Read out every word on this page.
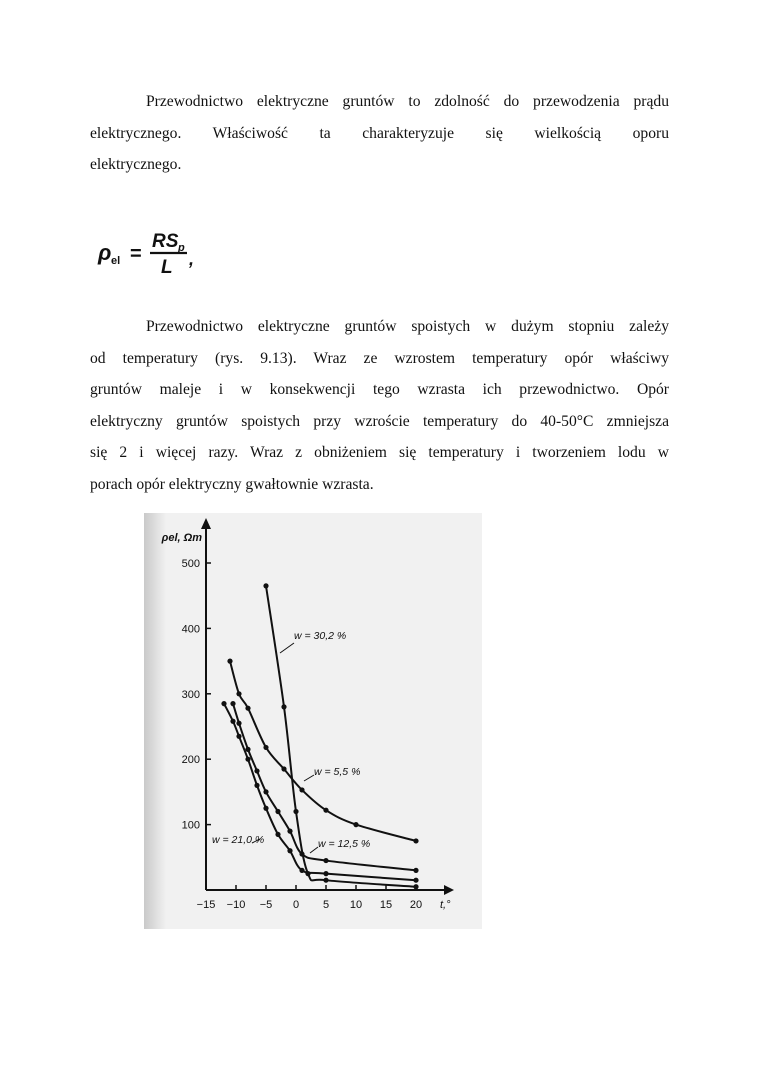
Przewodnictwo elektryczne gruntów to zdolność do przewodzenia prądu
elektrycznego. Właściwość ta charakteryzuje się wielkością oporu
elektrycznego.
ρ el =
RS p
L ,
Przewodnictwo elektryczne gruntów spoistych w dużym stopniu zależy
od temperatury (rys. 9.13). Wraz ze wzrostem temperatury opór właściwy
gruntów maleje i w konsekwencji tego wzrasta ich przewodnictwo. Opór
elektryczny gruntów spoistych przy wzroście temperatury do 40-50°C zmniejsza
się 2 i więcej razy. Wraz z obniżeniem się temperatury i tworzeniem lodu w
porach opór elektryczny gwałtownie wzrasta.
−15 −10 −5 0 5 10 15 20
100
200
300
400
500
ρel, Ωm
t,°
w = 30,2 %
w = 5,5 %
w = 12,5 %
w = 21,0 %
